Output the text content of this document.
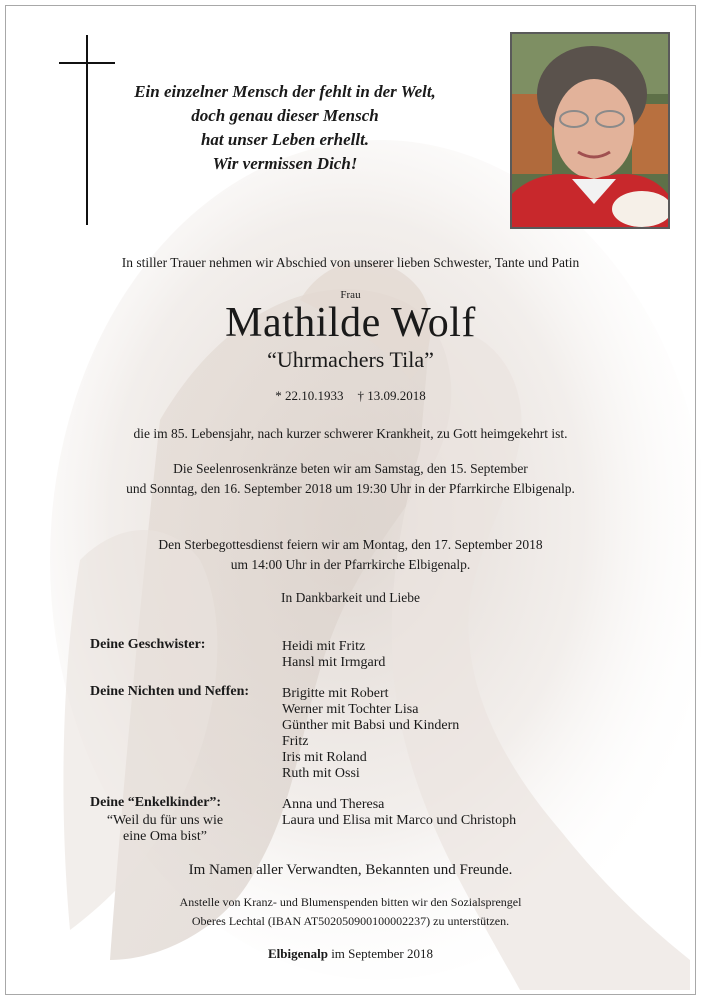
Ein einzelner Mensch der fehlt in der Welt,
doch genau dieser Mensch
hat unser Leben erhellt.
Wir vermissen Dich!
In stiller Trauer nehmen wir Abschied von unserer lieben Schwester, Tante und Patin
Frau
Mathilde Wolf
“Uhrmachers Tila”
* 22.10.1933 † 13.09.2018
die im 85. Lebensjahr, nach kurzer schwerer Krankheit, zu Gott heimgekehrt ist.
Die Seelenrosenkränze beten wir am Samstag, den 15. September
und Sonntag, den 16. September 2018 um 19:30 Uhr in der Pfarrkirche Elbigenalp.
Den Sterbegottesdienst feiern wir am Montag, den 17. September 2018
um 14:00 Uhr in der Pfarrkirche Elbigenalp.
In Dankbarkeit und Liebe
Deine Geschwister:	Heidi mit Fritz
Hansl mit Irmgard
Deine Nichten und Neffen: Brigitte mit Robert
Werner mit Tochter Lisa
Günther mit Babsi und Kindern
Fritz
Iris mit Roland
Ruth mit Ossi
Deine “Enkelkinder”:
“Weil du für uns wie
eine Oma bist”
Anna und Theresa
Laura und Elisa mit Marco und Christoph
Im Namen aller Verwandten, Bekannten und Freunde.
Anstelle von Kranz- und Blumenspenden bitten wir den Sozialsprengel
Oberes Lechtal (IBAN AT502050900100002237) zu unterstützen.
Elbigenalp im September 2018
